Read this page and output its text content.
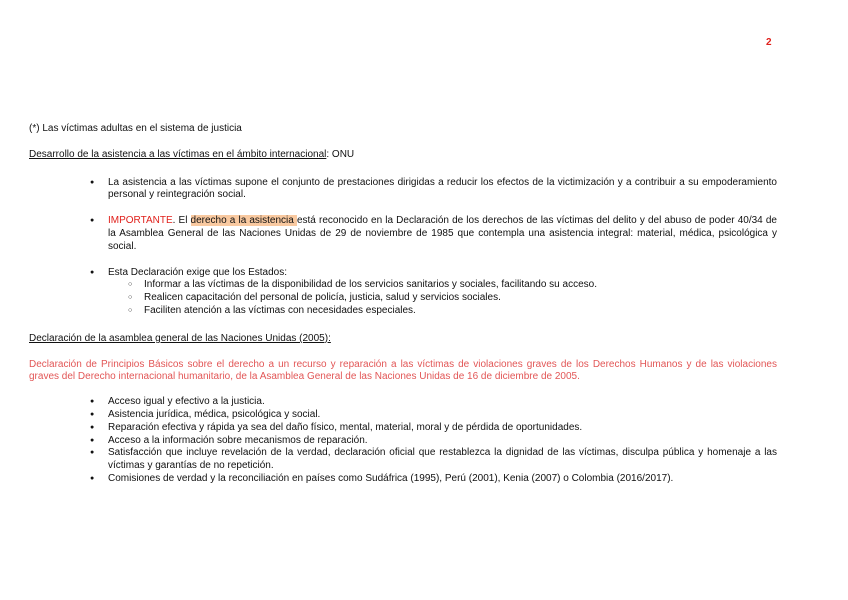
2

(*) Las víctimas adultas en el sistema de justicia

Desarrollo de la asistencia a las víctimas en el ámbito internacional: ONU

● La asistencia a las víctimas supone el conjunto de prestaciones dirigidas a reducir los efectos de la victimización y a contribuir a su empoderamiento personal y reintegración social.
● IMPORTANTE. El derecho a la asistencia está reconocido en la Declaración de los derechos de las víctimas del delito y del abuso de poder 40/34 de la Asamblea General de las Naciones Unidas de 29 de noviembre de 1985 que contempla una asistencia integral: material, médica, psicológica y social.
● Esta Declaración exige que los Estados:
○ Informar a las víctimas de la disponibilidad de los servicios sanitarios y sociales, facilitando su acceso.
○ Realicen capacitación del personal de policía, justicia, salud y servicios sociales.
○ Faciliten atención a las víctimas con necesidades especiales.

Declaración de la asamblea general de las Naciones Unidas (2005):

Declaración de Principios Básicos sobre el derecho a un recurso y reparación a las víctimas de violaciones graves de los Derechos Humanos y de las violaciones graves del Derecho internacional humanitario, de la Asamblea General de las Naciones Unidas de 16 de diciembre de 2005.

● Acceso igual y efectivo a la justicia.
● Asistencia jurídica, médica, psicológica y social.
● Reparación efectiva y rápida ya sea del daño físico, mental, material, moral y de pérdida de oportunidades.
● Acceso a la información sobre mecanismos de reparación.
● Satisfacción que incluye revelación de la verdad, declaración oficial que restablezca la dignidad de las víctimas, disculpa pública y homenaje a las víctimas y garantías de no repetición.
● Comisiones de verdad y la reconciliación en países como Sudáfrica (1995), Perú (2001), Kenia (2007) o Colombia (2016/2017).
